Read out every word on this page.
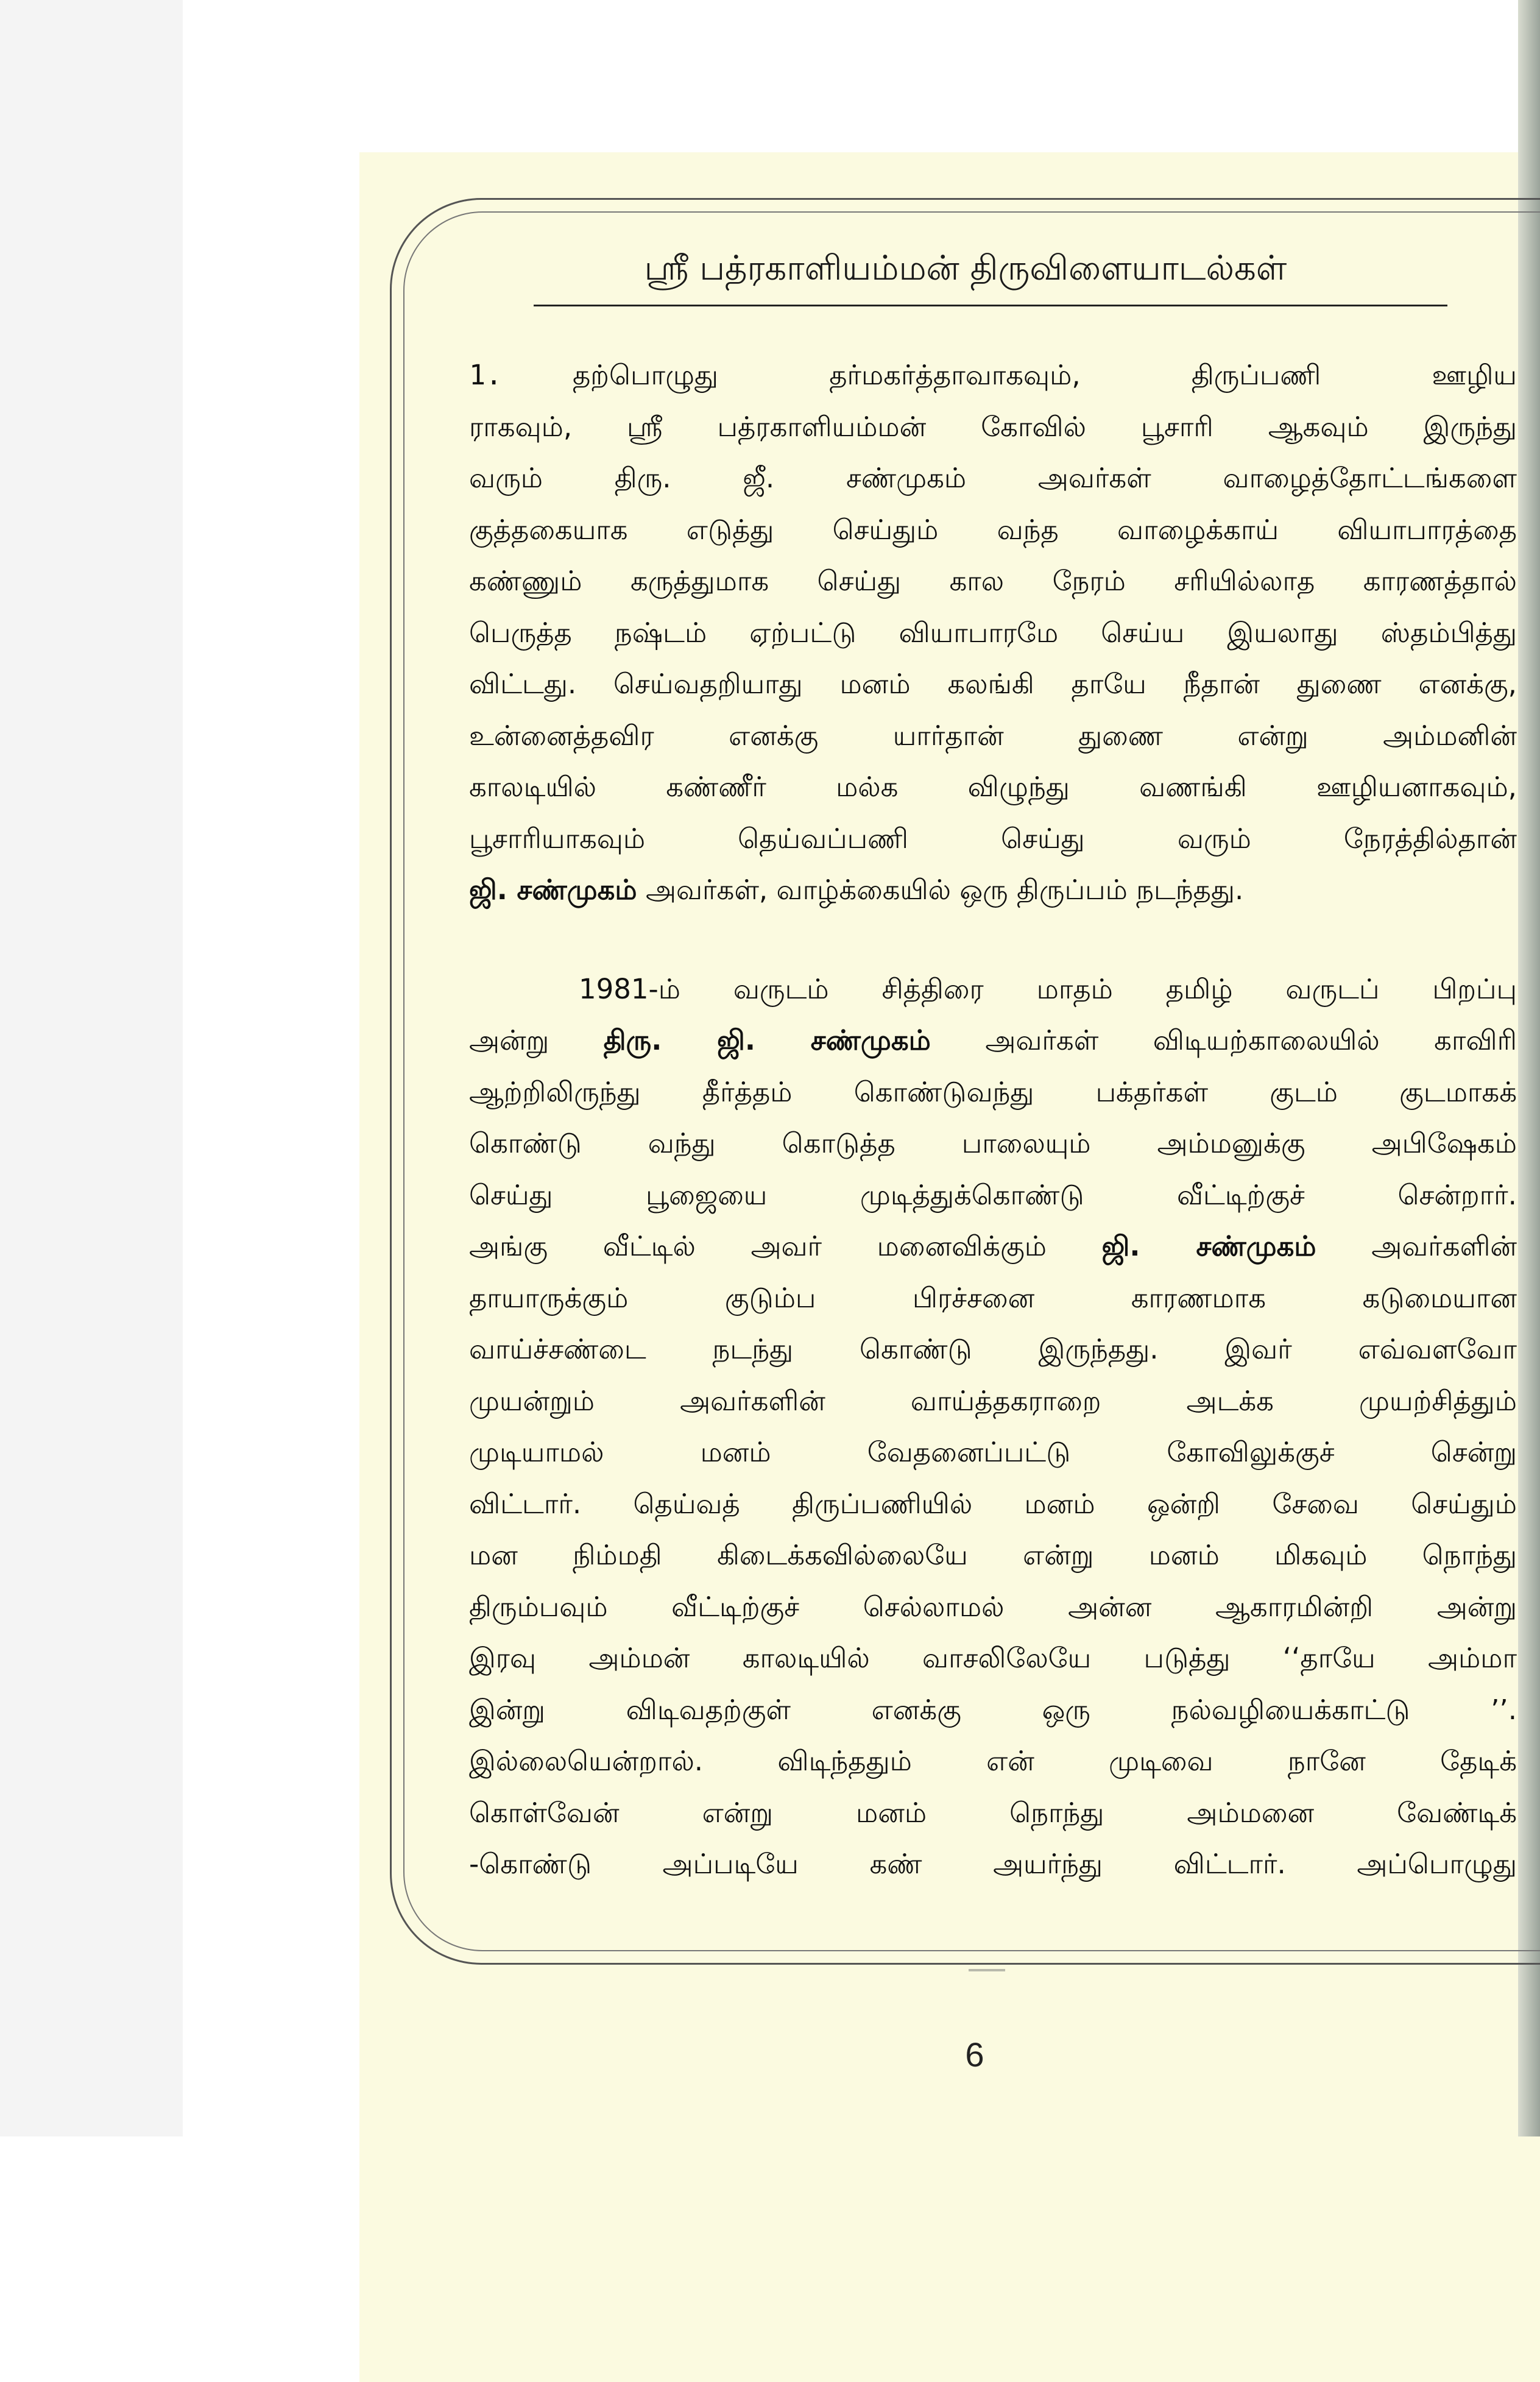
ஸ்ரீ பத்ரகாளியம்மன் திருவிளையாடல்கள்
1.	தற்பொழுது தர்மகர்த்தாவாகவும், திருப்பணி ஊழிய
ராகவும், ஸ்ரீ பத்ரகாளியம்மன் கோவில் பூசாரி ஆகவும் இருந்து
வரும் திரு. ஜீ. சண்முகம் அவர்கள் வாழைத்தோட்டங்களை
குத்தகையாக எடுத்து செய்தும் வந்த வாழைக்காய் வியாபாரத்தை
கண்ணும் கருத்துமாக செய்து கால நேரம் சரியில்லாத காரணத்தால்
பெருத்த நஷ்டம் ஏற்பட்டு வியாபாரமே செய்ய இயலாது ஸ்தம்பித்து
விட்டது. செய்வதறியாது மனம் கலங்கி தாயே நீதான் துணை எனக்கு,
உன்னைத்தவிர எனக்கு யார்தான் துணை என்று அம்மனின்
காலடியில் கண்ணீர் மல்க விழுந்து வணங்கி ஊழியனாகவும்,
பூசாரியாகவும் தெய்வப்பணி செய்து வரும் நேரத்தில்தான்
ஜி. சண்முகம் அவர்கள், வாழ்க்கையில் ஒரு திருப்பம் நடந்தது.
1981-ம் வருடம் சித்திரை மாதம் தமிழ் வருடப் பிறப்பு
அன்று திரு. ஜி. சண்முகம் அவர்கள் விடியற்காலையில் காவிரி
ஆற்றிலிருந்து தீர்த்தம் கொண்டுவந்து பக்தர்கள் குடம் குடமாகக்
கொண்டு வந்து கொடுத்த பாலையும் அம்மனுக்கு அபிஷேகம்
செய்து பூஜையை முடித்துக்கொண்டு வீட்டிற்குச் சென்றார்.
அங்கு வீட்டில் அவர் மனைவிக்கும் ஜி. சண்முகம் அவர்களின்
தாயாருக்கும் குடும்ப பிரச்சனை காரணமாக கடுமையான
வாய்ச்சண்டை நடந்து கொண்டு இருந்தது. இவர் எவ்வளவோ
முயன்றும் அவர்களின் வாய்த்தகராறை அடக்க முயற்சித்தும்
முடியாமல் மனம் வேதனைப்பட்டு கோவிலுக்குச் சென்று
விட்டார். தெய்வத் திருப்பணியில் மனம் ஒன்றி சேவை செய்தும்
மன நிம்மதி கிடைக்கவில்லையே என்று மனம் மிகவும் நொந்து
திரும்பவும் வீட்டிற்குச் செல்லாமல் அன்ன ஆகாரமின்றி அன்று
இரவு அம்மன் காலடியில் வாசலிலேயே படுத்து ‘‘தாயே அம்மா
இன்று விடிவதற்குள் எனக்கு ஒரு நல்வழியைக்காட்டு ’’.
இல்லையென்றால். விடிந்ததும் என் முடிவை நானே தேடிக்
கொள்வேன் என்று மனம் நொந்து அம்மனை வேண்டிக்
-கொண்டு அப்படியே கண் அயர்ந்து விட்டார். அப்பொழுது
6
